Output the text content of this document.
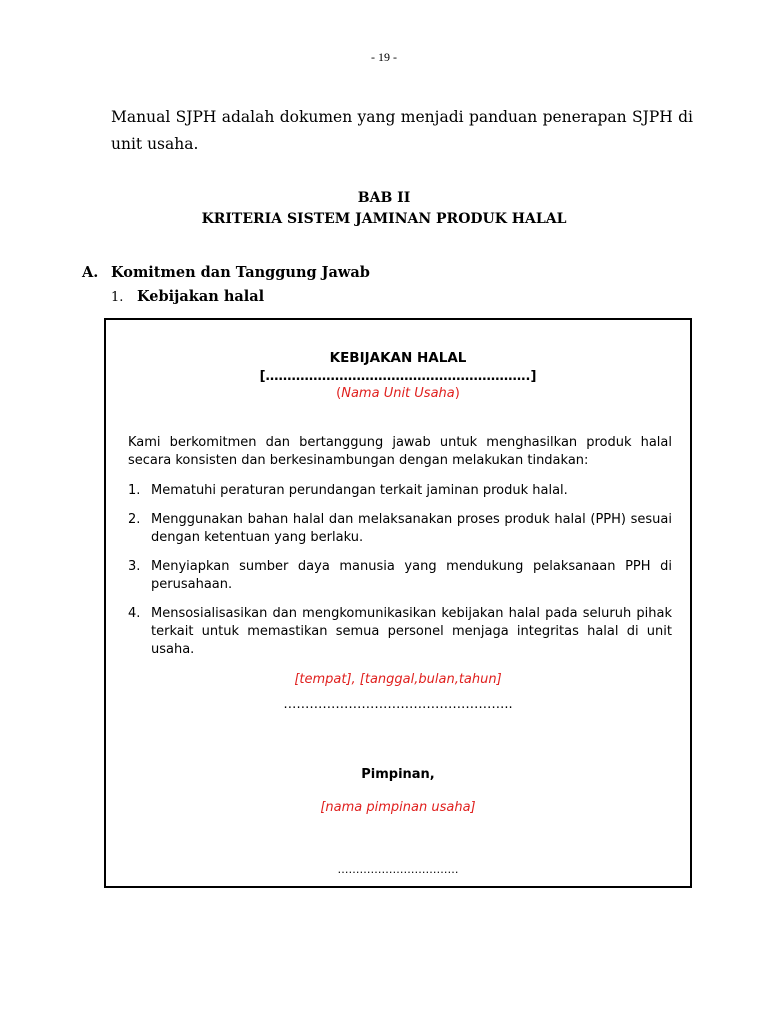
- 19 -

Manual SJPH adalah dokumen yang menjadi panduan penerapan SJPH di unit usaha.

BAB II
KRITERIA SISTEM JAMINAN PRODUK HALAL
A. Komitmen dan Tanggung Jawab
1. Kebijakan halal
KEBIJAKAN HALAL
[…………………………………………………….]
(Nama Unit Usaha)
Kami berkomitmen dan bertanggung jawab untuk menghasilkan produk halal secara konsisten dan berkesinambungan dengan melakukan tindakan:
1. Mematuhi peraturan perundangan terkait jaminan produk halal.
2. Menggunakan bahan halal dan melaksanakan proses produk halal (PPH) sesuai dengan ketentuan yang berlaku.
3. Menyiapkan sumber daya manusia yang mendukung pelaksanaan PPH di perusahaan.
4. Mensosialisasikan dan mengkomunikasikan kebijakan halal pada seluruh pihak terkait untuk memastikan semua personel menjaga integritas halal di unit usaha.
[tempat], [tanggal,bulan,tahun]
……………………………………………..
Pimpinan,
[nama pimpinan usaha]
……………………………
